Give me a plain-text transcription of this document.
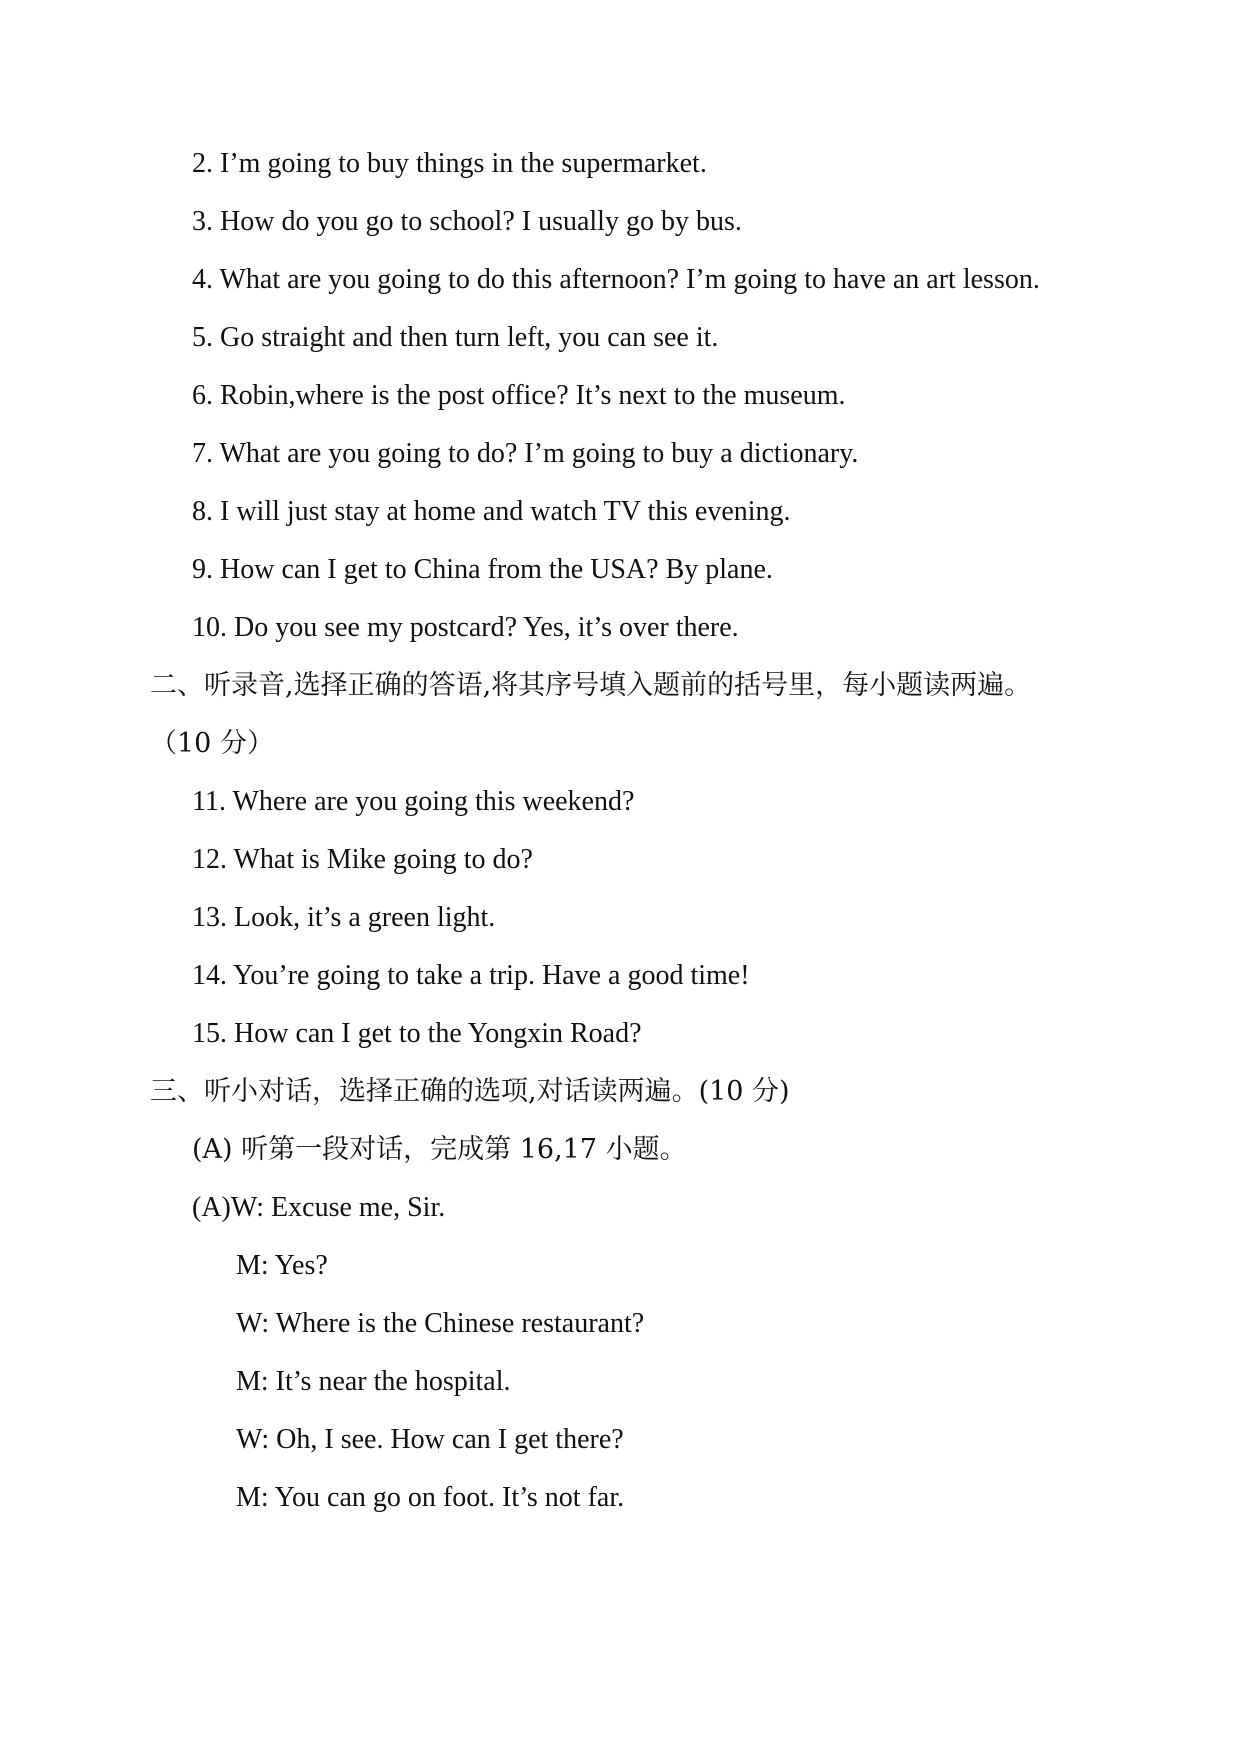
2. I’m going to buy things in the supermarket.
3. How do you go to school? I usually go by bus.
4. What are you going to do this afternoon? I’m going to have an art lesson.
5. Go straight and then turn left, you can see it.
6. Robin,where is the post office? It’s next to the museum.
7. What are you going to do? I’m going to buy a dictionary.
8. I will just stay at home and watch TV this evening.
9. How can I get to China from the USA? By plane.
10. Do you see my postcard? Yes, it’s over there.
二、听录音,选择正确的答语,将其序号填入题前的括号里，每小题读两遍。
（10 分）
11. Where are you going this weekend?
12. What is Mike going to do?
13. Look, it’s a green light.
14. You’re going to take a trip. Have a good time!
15. How can I get to the Yongxin Road?
三、听小对话，选择正确的选项,对话读两遍。(10 分)
(A) 听第一段对话，完成第 16,17 小题。
(A)W: Excuse me, Sir.
M: Yes?
W: Where is the Chinese restaurant?
M: It’s near the hospital.
W: Oh, I see. How can I get there?
M: You can go on foot. It’s not far.
